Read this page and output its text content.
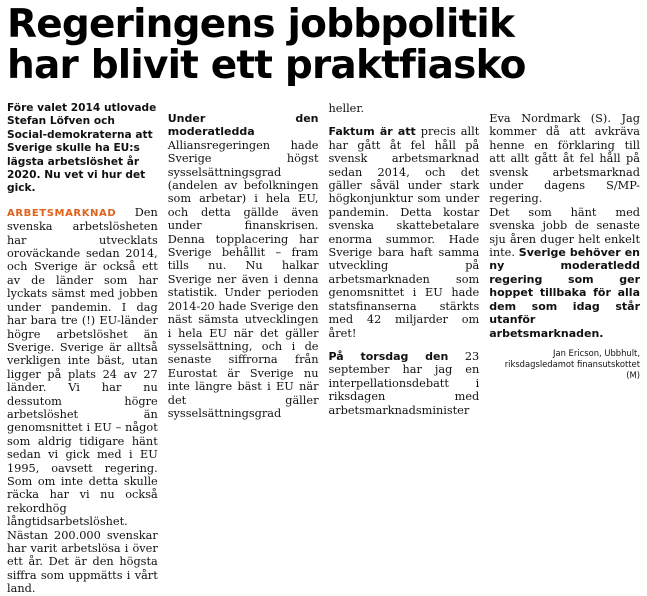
Regeringens jobbpolitik
har blivit ett praktfiasko

Före valet 2014 utlovade Stefan Löfven och Social-demokraterna att Sverige skulle ha EU:s lägsta arbetslöshet år 2020. Nu vet vi hur det gick.

ARBETSMARKNAD Den svenska arbetslösheten har utvecklats oroväckande sedan 2014, och Sverige är också ett av de länder som har lyckats sämst med jobben under pandemin. I dag har bara tre (!) EU-länder högre arbetslöshet än Sverige. Sverige är alltså verkligen inte bäst, utan ligger på plats 24 av 27 länder. Vi har nu dessutom högre arbetslöshet än genomsnittet i EU – något som aldrig tidigare hänt sedan vi gick med i EU 1995, oavsett regering. Som om inte detta skulle räcka har vi nu också rekordhög långtidsarbetslöshet. Nästan 200.000 svenskar har varit arbetslösa i över ett år. Det är den högsta siffra som uppmätts i vårt land.

Under den moderatledda

Alliansregeringen hade Sverige högst sysselsättningsgrad (andelen av befolkningen som arbetar) i hela EU, och detta gällde även under finanskrisen. Denna topplacering har Sverige behållit – fram tills nu. Nu halkar Sverige ner även i denna statistik. Under perioden 2014-20 hade Sverige den näst sämsta utvecklingen i hela EU när det gäller sysselsättning, och i de senaste siffrorna från Eurostat är Sverige nu inte längre bäst i EU när det gäller sysselsättningsgrad

heller.

Faktum är att precis allt har gått åt fel håll på svensk arbetsmarknad sedan 2014, och det gäller såväl under stark högkonjunktur som under pandemin. Detta kostar svenska skattebetalare enorma summor. Hade Sverige bara haft samma utveckling på arbetsmarknaden som genomsnittet i EU hade statsfinanserna stärkts med 42 miljarder om året!

På torsdag den 23 september har jag en interpellationsdebatt i riksdagen med arbetsmarknadsminister

Eva Nordmark (S). Jag kommer då att avkräva henne en förklaring till att allt gått åt fel håll på svensk arbetsmarknad under dagens S/MP-regering.

Det som hänt med svenska jobb de senaste sju åren duger helt enkelt inte. Sverige behöver en ny moderatledd regering som ger hoppet tillbaka för alla dem som idag står utanför arbetsmarknaden.

Jan Ericson, Ubbhult,
riksdagsledamot finansutskottet (M)
